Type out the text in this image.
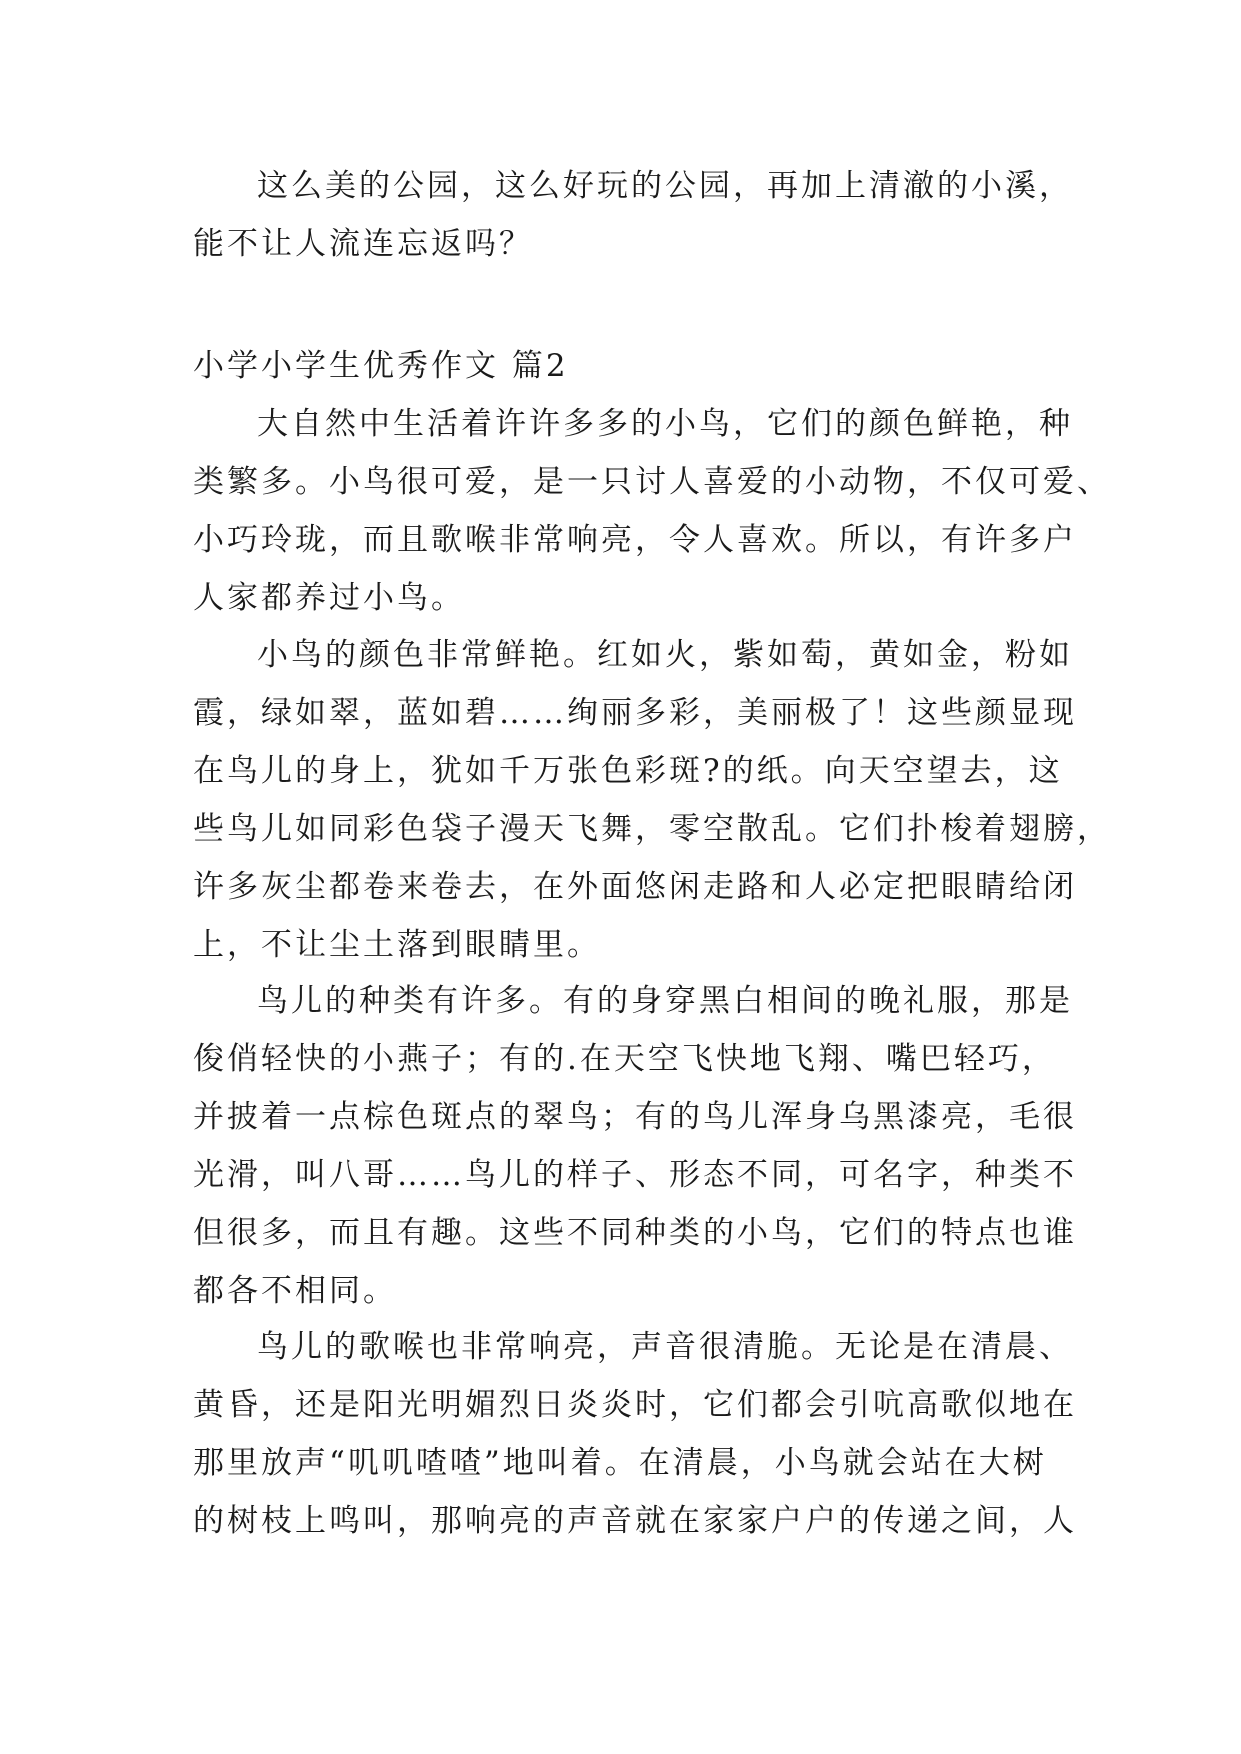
这么美的公园，这么好玩的公园，再加上清澈的小溪，
能不让人流连忘返吗？
小学小学生优秀作文 篇2
大自然中生活着许许多多的小鸟，它们的颜色鲜艳，种
类繁多。小鸟很可爱，是一只讨人喜爱的小动物，不仅可爱、
小巧玲珑，而且歌喉非常响亮，令人喜欢。所以，有许多户
人家都养过小鸟。
小鸟的颜色非常鲜艳。红如火，紫如萄，黄如金，粉如
霞，绿如翠，蓝如碧……绚丽多彩，美丽极了！这些颜显现
在鸟儿的身上，犹如千万张色彩斑?的纸。向天空望去，这
些鸟儿如同彩色袋子漫天飞舞，零空散乱。它们扑梭着翅膀，
许多灰尘都卷来卷去，在外面悠闲走路和人必定把眼睛给闭
上，不让尘土落到眼睛里。
鸟儿的种类有许多。有的身穿黑白相间的晚礼服，那是
俊俏轻快的小燕子；有的.在天空飞快地飞翔、嘴巴轻巧，
并披着一点棕色斑点的翠鸟；有的鸟儿浑身乌黑漆亮，毛很
光滑，叫八哥……鸟儿的样子、形态不同，可名字，种类不
但很多，而且有趣。这些不同种类的小鸟，它们的特点也谁
都各不相同。
鸟儿的歌喉也非常响亮，声音很清脆。无论是在清晨、
黄昏，还是阳光明媚烈日炎炎时，它们都会引吭高歌似地在
那里放声“叽叽喳喳”地叫着。在清晨，小鸟就会站在大树
的树枝上鸣叫，那响亮的声音就在家家户户的传递之间，人
